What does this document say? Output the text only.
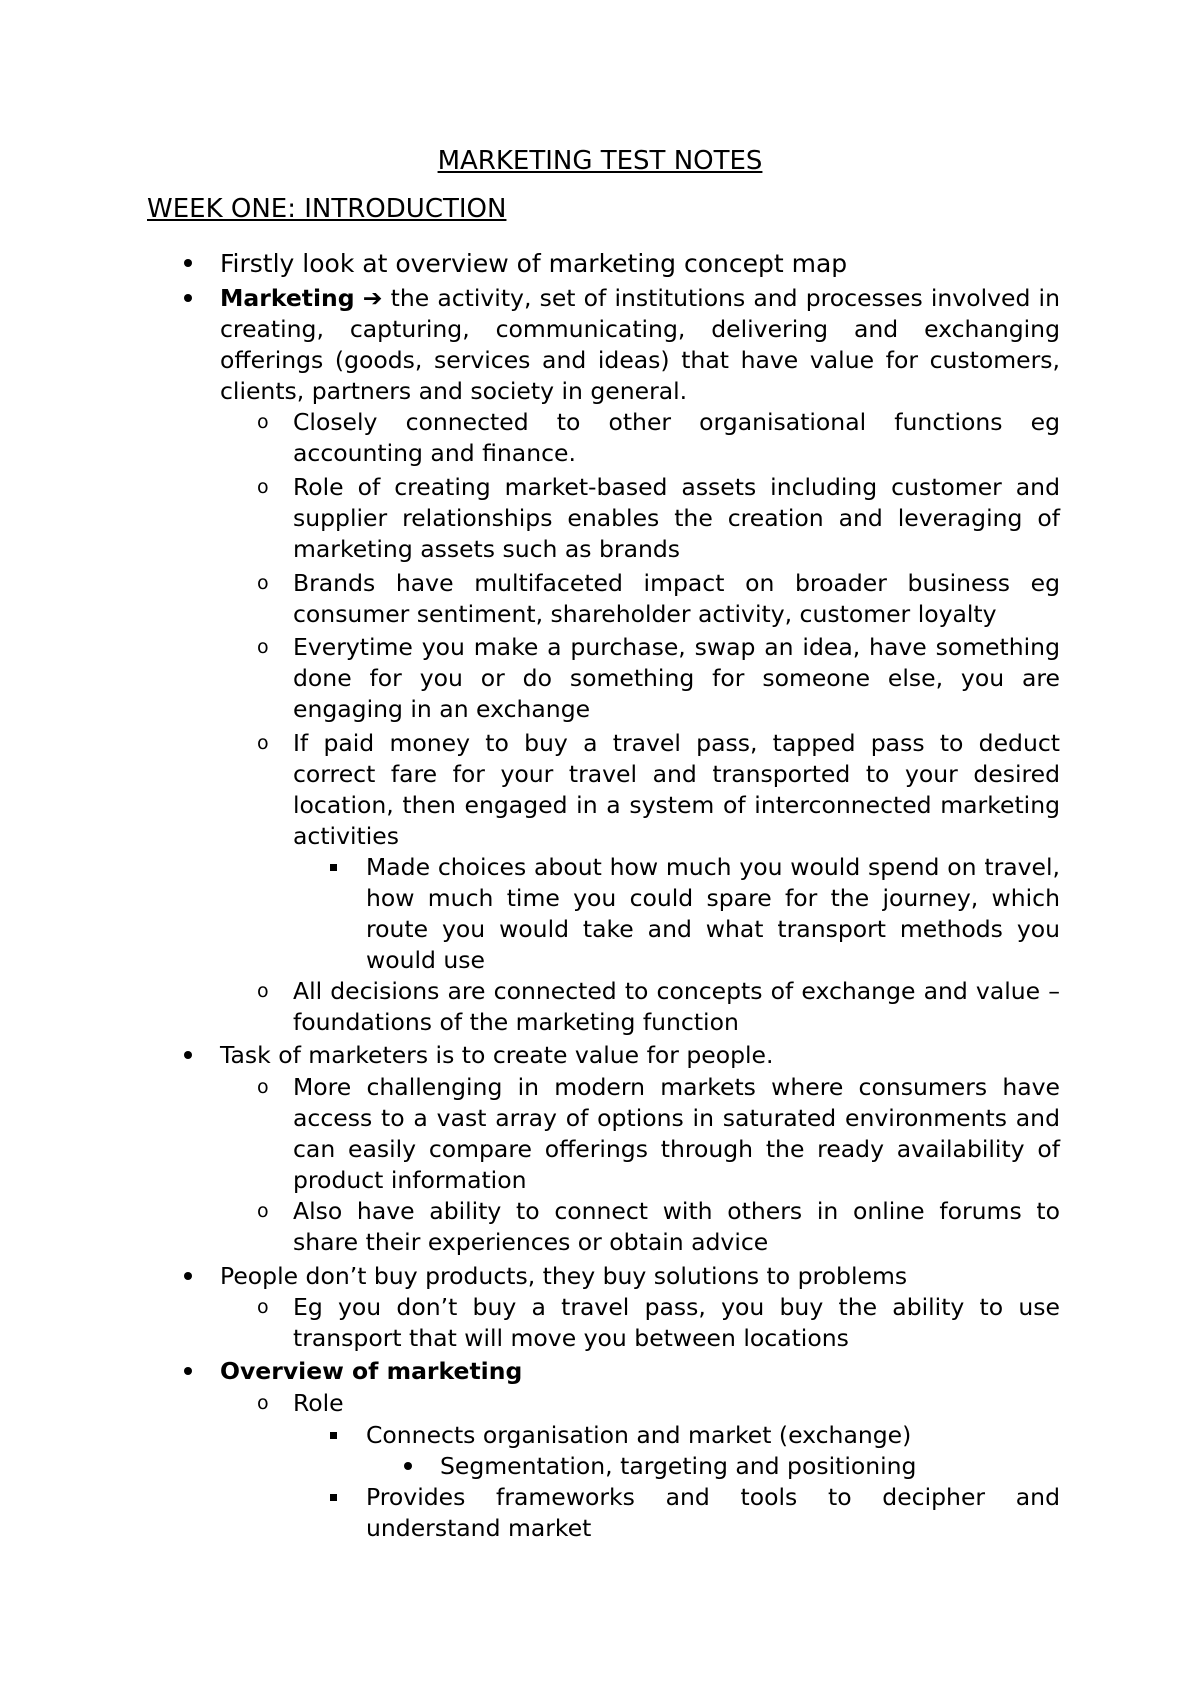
MARKETING TEST NOTES
WEEK ONE: INTRODUCTION
Firstly look at overview of marketing concept map
Marketing ➔ the activity, set of institutions and processes involved in creating, capturing, communicating, delivering and exchanging offerings (goods, services and ideas) that have value for customers, clients, partners and society in general.
o	Closely connected to other organisational functions eg accounting and finance.
o	Role of creating market-based assets including customer and supplier relationships enables the creation and leveraging of marketing assets such as brands
o	Brands have multifaceted impact on broader business eg consumer sentiment, shareholder activity, customer loyalty
o	Everytime you make a purchase, swap an idea, have something done for you or do something for someone else, you are engaging in an exchange
o	If paid money to buy a travel pass, tapped pass to deduct correct fare for your travel and transported to your desired location, then engaged in a system of interconnected marketing activities
Made choices about how much you would spend on travel, how much time you could spare for the journey, which route you would take and what transport methods you would use
o	All decisions are connected to concepts of exchange and value – foundations of the marketing function
Task of marketers is to create value for people.
o	More challenging in modern markets where consumers have access to a vast array of options in saturated environments and can easily compare offerings through the ready availability of product information
o	Also have ability to connect with others in online forums to share their experiences or obtain advice
People don’t buy products, they buy solutions to problems
o	Eg you don’t buy a travel pass, you buy the ability to use transport that will move you between locations
Overview of marketing
o	Role
Connects organisation and market (exchange)
Segmentation, targeting and positioning
Provides frameworks and tools to decipher and understand market
